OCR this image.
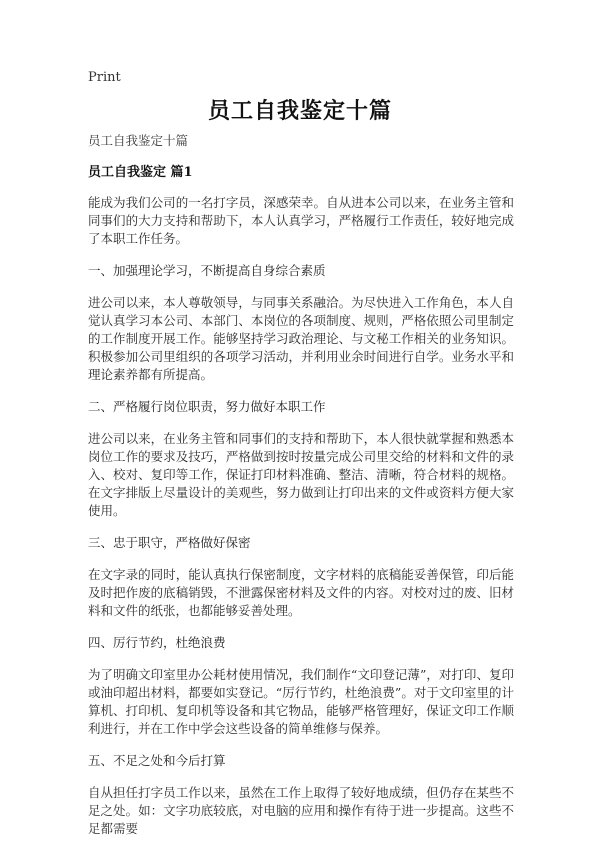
Print
员工自我鉴定十篇

员工自我鉴定十篇

员工自我鉴定 篇1

能成为我们公司的一名打字员，深感荣幸。自从进本公司以来，在业务主管和同事们的大力支持和帮助下，本人认真学习，严格履行工作责任，较好地完成了本职工作任务。

一、加强理论学习，不断提高自身综合素质

进公司以来，本人尊敬领导，与同事关系融洽。为尽快进入工作角色，本人自觉认真学习本公司、本部门、本岗位的各项制度、规则，严格依照公司里制定的工作制度开展工作。能够坚持学习政治理论、与文秘工作相关的业务知识。积极参加公司里组织的各项学习活动，并利用业余时间进行自学。业务水平和理论素养都有所提高。

二、严格履行岗位职责，努力做好本职工作

进公司以来，在业务主管和同事们的支持和帮助下，本人很快就掌握和熟悉本岗位工作的要求及技巧，严格做到按时按量完成公司里交给的材料和文件的录入、校对、复印等工作，保证打印材料准确、整洁、清晰，符合材料的规格。在文字排版上尽量设计的美观些，努力做到让打印出来的文件或资料方便大家使用。

三、忠于职守，严格做好保密

在文字录的同时，能认真执行保密制度，文字材料的底稿能妥善保管，印后能及时把作废的底稿销毁，不泄露保密材料及文件的内容。对校对过的废、旧材料和文件的纸张，也都能够妥善处理。

四、厉行节约，杜绝浪费

为了明确文印室里办公耗材使用情况，我们制作“文印登记薄”，对打印、复印或油印超出材料，都要如实登记。“厉行节约，杜绝浪费”。对于文印室里的计算机、打印机、复印机等设备和其它物品，能够严格管理好，保证文印工作顺利进行，并在工作中学会这些设备的简单维修与保养。

五、不足之处和今后打算

自从担任打字员工作以来，虽然在工作上取得了较好地成绩，但仍存在某些不足之处。如：文字功底较底，对电脑的应用和操作有待于进一步提高。这些不足都需要
